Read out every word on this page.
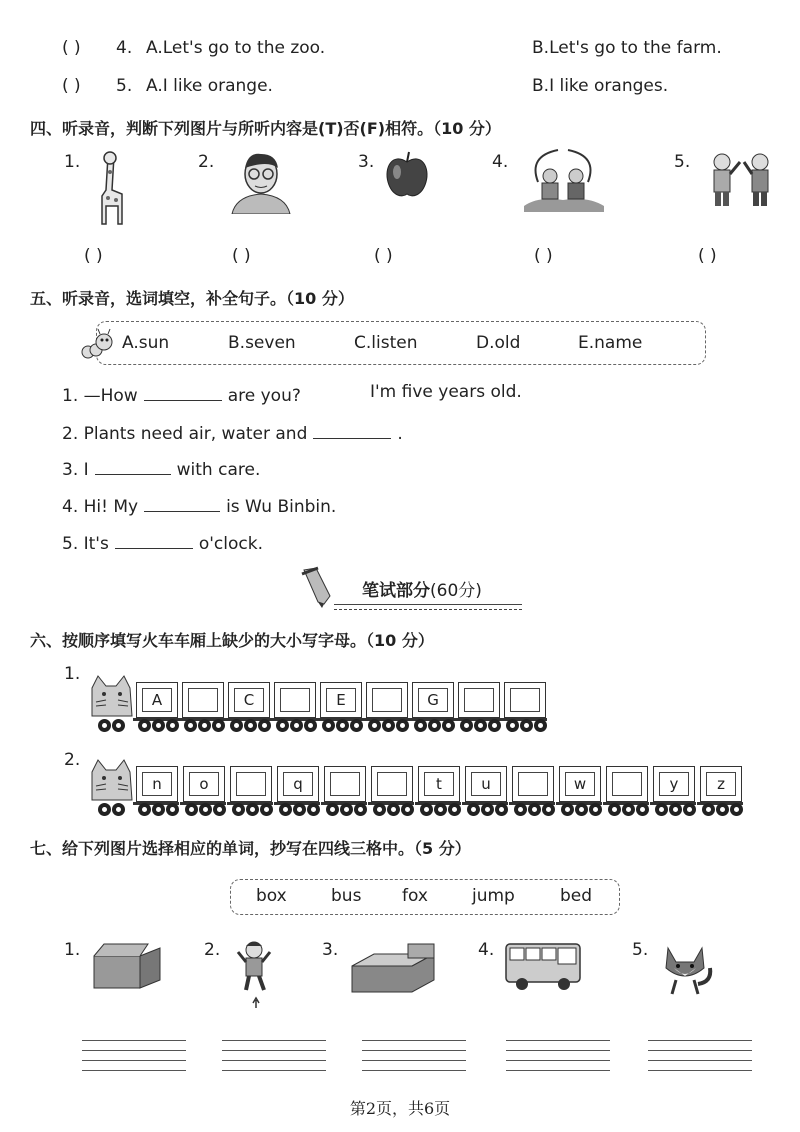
( ) 4. A.Let's go to the zoo.	B.Let's go to the farm.
( ) 5. A.I like orange.	B.I like oranges.
四、听录音，判断下列图片与所听内容是(T)否(F)相符。（10 分）
1.	2.	3.	4.	5.
( )	( )	( )	( )	( )
五、听录音，选词填空，补全句子。（10 分）
A.sun	B.seven	C.listen	D.old	E.name
1. —How	are you?	I'm five years old.
2. Plants need air, water and	.
3. I	with care.
4. Hi! My	is Wu Binbin.
5. It's	o'clock.
笔试部分(60分)
六、按顺序填写火车车厢上缺少的大小写字母。（10 分）
1.
A	C	E	G
2.
n	o	q	t	u	w	y	z
七、给下列图片选择相应的单词，抄写在四线三格中。（5 分）
box	bus fox	jump	bed
1.	2.	3.	4.	5.
第2页，共6页
